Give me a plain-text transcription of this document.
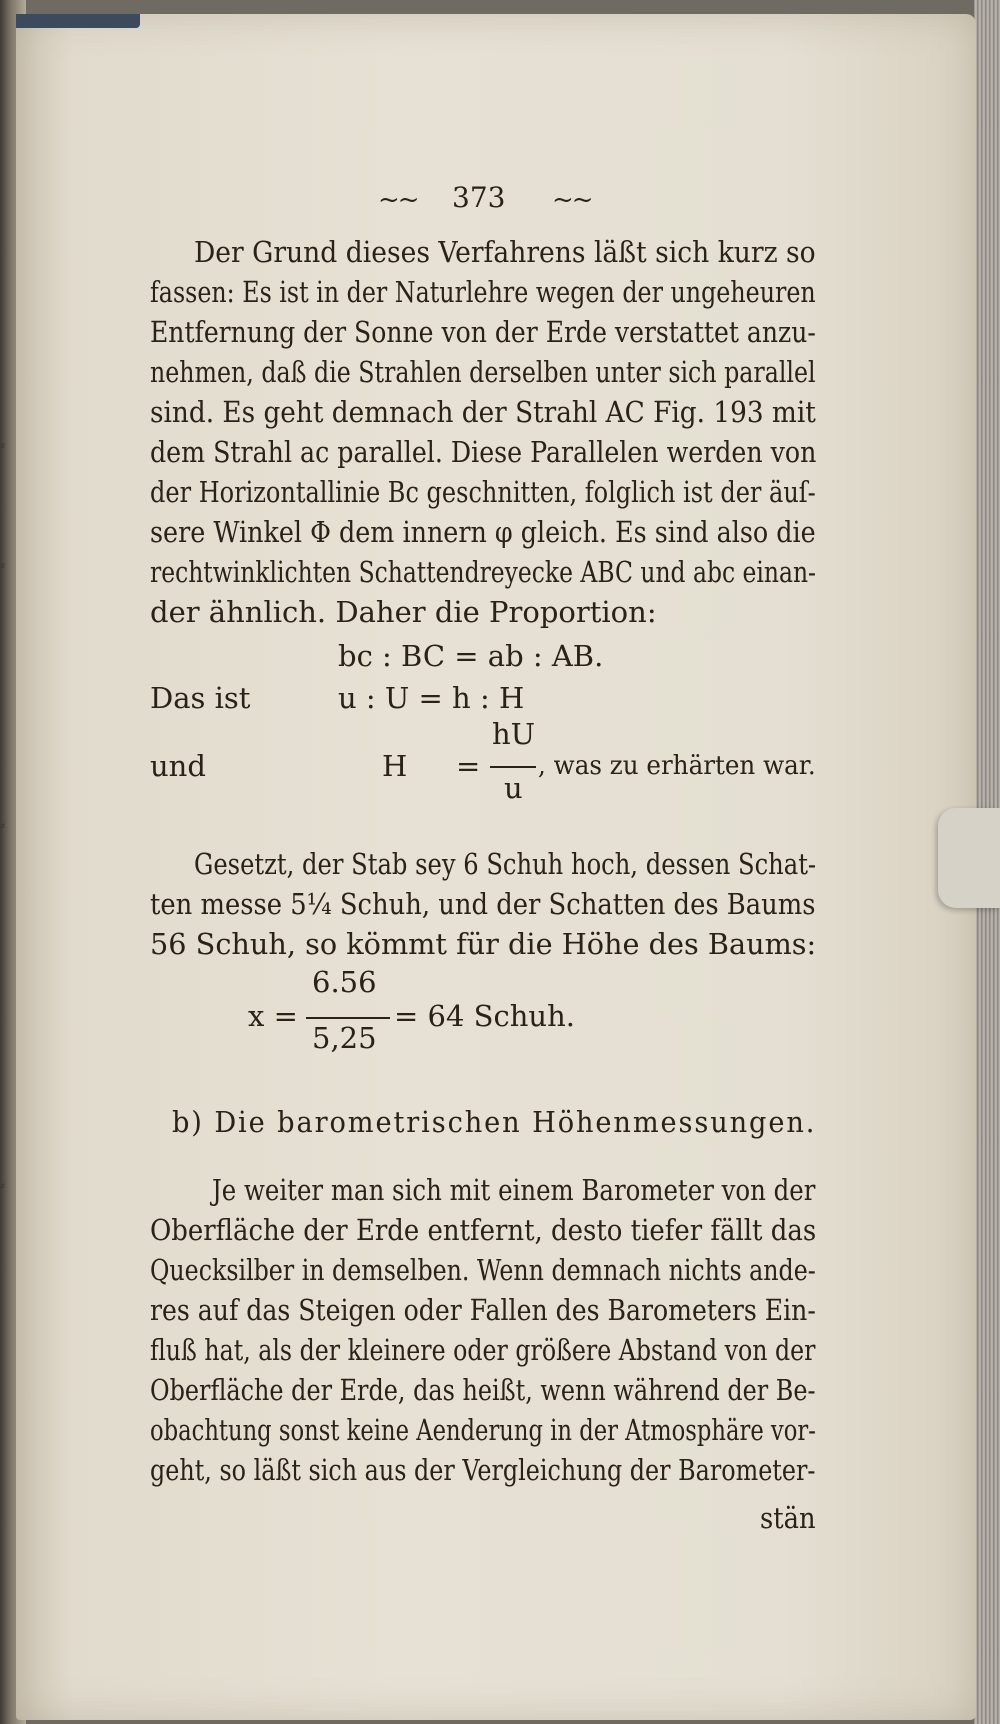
⸗
⸗
⸗
⸗
~~ 373 ~~
Der Grund dieses Verfahrens läßt sich kurz so
fassen: Es ist in der Naturlehre wegen der ungeheuren
Entfernung der Sonne von der Erde verstattet anzu-
nehmen, daß die Strahlen derselben unter sich parallel
sind. Es geht demnach der Strahl AC Fig. 193 mit
dem Strahl ac parallel. Diese Parallelen werden von
der Horizontallinie Bc geschnitten, folglich ist der äuſ-
sere Winkel Φ dem innern φ gleich. Es sind also die
rechtwinklichten Schattendreyecke ABC und abc einan-
der ähnlich. Daher die Proportion:
bc : BC = ab : AB.
Das ist	u : U = h : H
und	H =
hU
u
, was zu erhärten war.
Gesetzt, der Stab sey 6 Schuh hoch, dessen Schat-
ten messe 5¼ Schuh, und der Schatten des Baums
56 Schuh, so kömmt für die Höhe des Baums:
x =
6.56
5,25
= 64 Schuh.
b) Die barometrischen Höhenmessungen.
Je weiter man sich mit einem Barometer von der
Oberfläche der Erde entfernt, desto tiefer fällt das
Quecksilber in demselben. Wenn demnach nichts ande-
res auf das Steigen oder Fallen des Barometers Ein-
fluß hat, als der kleinere oder größere Abstand von der
Oberfläche der Erde, das heißt, wenn während der Be-
obachtung sonst keine Aenderung in der Atmosphäre vor-
geht, so läßt sich aus der Vergleichung der Barometer-
stän
